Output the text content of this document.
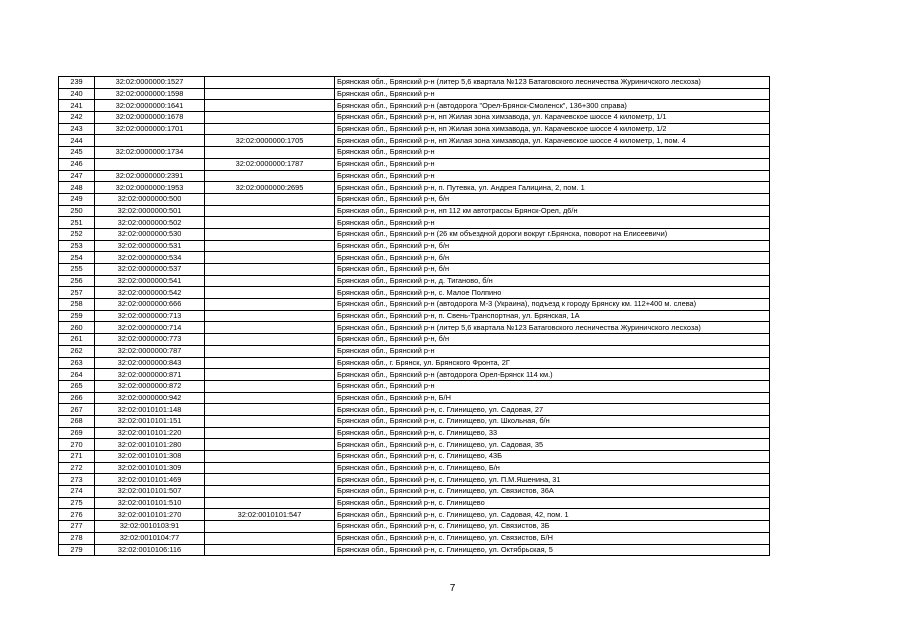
239	32:02:0000000:1527		Брянская обл., Брянский р-н (литер 5,6 квартала №123 Батаговского лесничества Журиничского лесхоза)
240	32:02:0000000:1598		Брянская обл., Брянский р-н
241	32:02:0000000:1641		Брянская обл., Брянский р-н (автодорога "Орел-Брянск-Смоленск", 136+300 справа)
242	32:02:0000000:1678		Брянская обл., Брянский р-н, нп Жилая зона химзавода, ул. Карачевское шоссе 4 километр, 1/1
243	32:02:0000000:1701		Брянская обл., Брянский р-н, нп Жилая зона химзавода, ул. Карачевское шоссе 4 километр, 1/2
244		32:02:0000000:1705	Брянская обл., Брянский р-н, нп Жилая зона химзавода, ул. Карачевское шоссе 4 километр, 1, пом. 4
245	32:02:0000000:1734		Брянская обл., Брянский р-н
246		32:02:0000000:1787	Брянская обл., Брянский р-н
247	32:02:0000000:2391		Брянская обл., Брянский р-н
248	32:02:0000000:1953	32:02:0000000:2695	Брянская обл., Брянский р-н, п. Путевка, ул. Андрея Галицина, 2, пом. 1
249	32:02:0000000:500		Брянская обл., Брянский р-н, б/н
250	32:02:0000000:501		Брянская обл., Брянский р-н, нп 112 км автотрассы Брянск-Орел, д6/н
251	32:02:0000000:502		Брянская обл., Брянский р-н
252	32:02:0000000:530		Брянская обл., Брянский р-н (26 км объездной дороги вокруг г.Брянска, поворот на Елисеевичи)
253	32:02:0000000:531		Брянская обл., Брянский р-н, б/н
254	32:02:0000000:534		Брянская обл., Брянский р-н, б/н
255	32:02:0000000:537		Брянская обл., Брянский р-н, б/н
256	32:02:0000000:541		Брянская обл., Брянский р-н, д. Тиганово, б/н
257	32:02:0000000:542		Брянская обл., Брянский р-н, с. Малое Полпино
258	32:02:0000000:666		Брянская обл., Брянский р-н (автодорога М-3 (Украина), подъезд к городу Брянску км. 112+400 м. слева)
259	32:02:0000000:713		Брянская обл., Брянский р-н, п. Свень-Транспортная, ул. Брянская, 1А
260	32:02:0000000:714		Брянская обл., Брянский р-н (литер 5,6 квартала №123 Батаговского лесничества Журиничского лесхоза)
261	32:02:0000000:773		Брянская обл., Брянский р-н, б/н
262	32:02:0000000:787		Брянская обл., Брянский р-н
263	32:02:0000000:843		Брянская обл., г. Брянск, ул. Брянского Фронта, 2Г
264	32:02:0000000:871		Брянская обл., Брянский р-н (автодорога Орел-Брянск 114 км.)
265	32:02:0000000:872		Брянская обл., Брянский р-н
266	32:02:0000000:942		Брянская обл., Брянский р-н, Б/Н
267	32:02:0010101:148		Брянская обл., Брянский р-н, с. Глинищево, ул. Садовая, 27
268	32:02:0010101:151		Брянская обл., Брянский р-н, с. Глинищево, ул. Школьная, б/н
269	32:02:0010101:220		Брянская обл., Брянский р-н, с. Глинищево, 33
270	32:02:0010101:280		Брянская обл., Брянский р-н, с. Глинищево, ул. Садовая, 35
271	32:02:0010101:308		Брянская обл., Брянский р-н, с. Глинищево, 43Б
272	32:02:0010101:309		Брянская обл., Брянский р-н, с. Глинищево, Б/н
273	32:02:0010101:469		Брянская обл., Брянский р-н, с. Глинищево, ул. П.М.Яшенина, 31
274	32:02:0010101:507		Брянская обл., Брянский р-н, с. Глинищево, ул. Связистов, 36А
275	32:02:0010101:510		Брянская обл., Брянский р-н, с. Глинищево
276	32:02:0010101:270	32:02:0010101:547	Брянская обл., Брянский р-н, с. Глинищево, ул. Садовая, 42, пом. 1
277	32:02:0010103:91		Брянская обл., Брянский р-н, с. Глинищево, ул. Связистов, 3Б
278	32:02:0010104:77		Брянская обл., Брянский р-н, с. Глинищево, ул. Связистов, Б/Н
279	32:02:0010106:116		Брянская обл., Брянский р-н, с. Глинищево, ул. Октябрьская, 5
7
